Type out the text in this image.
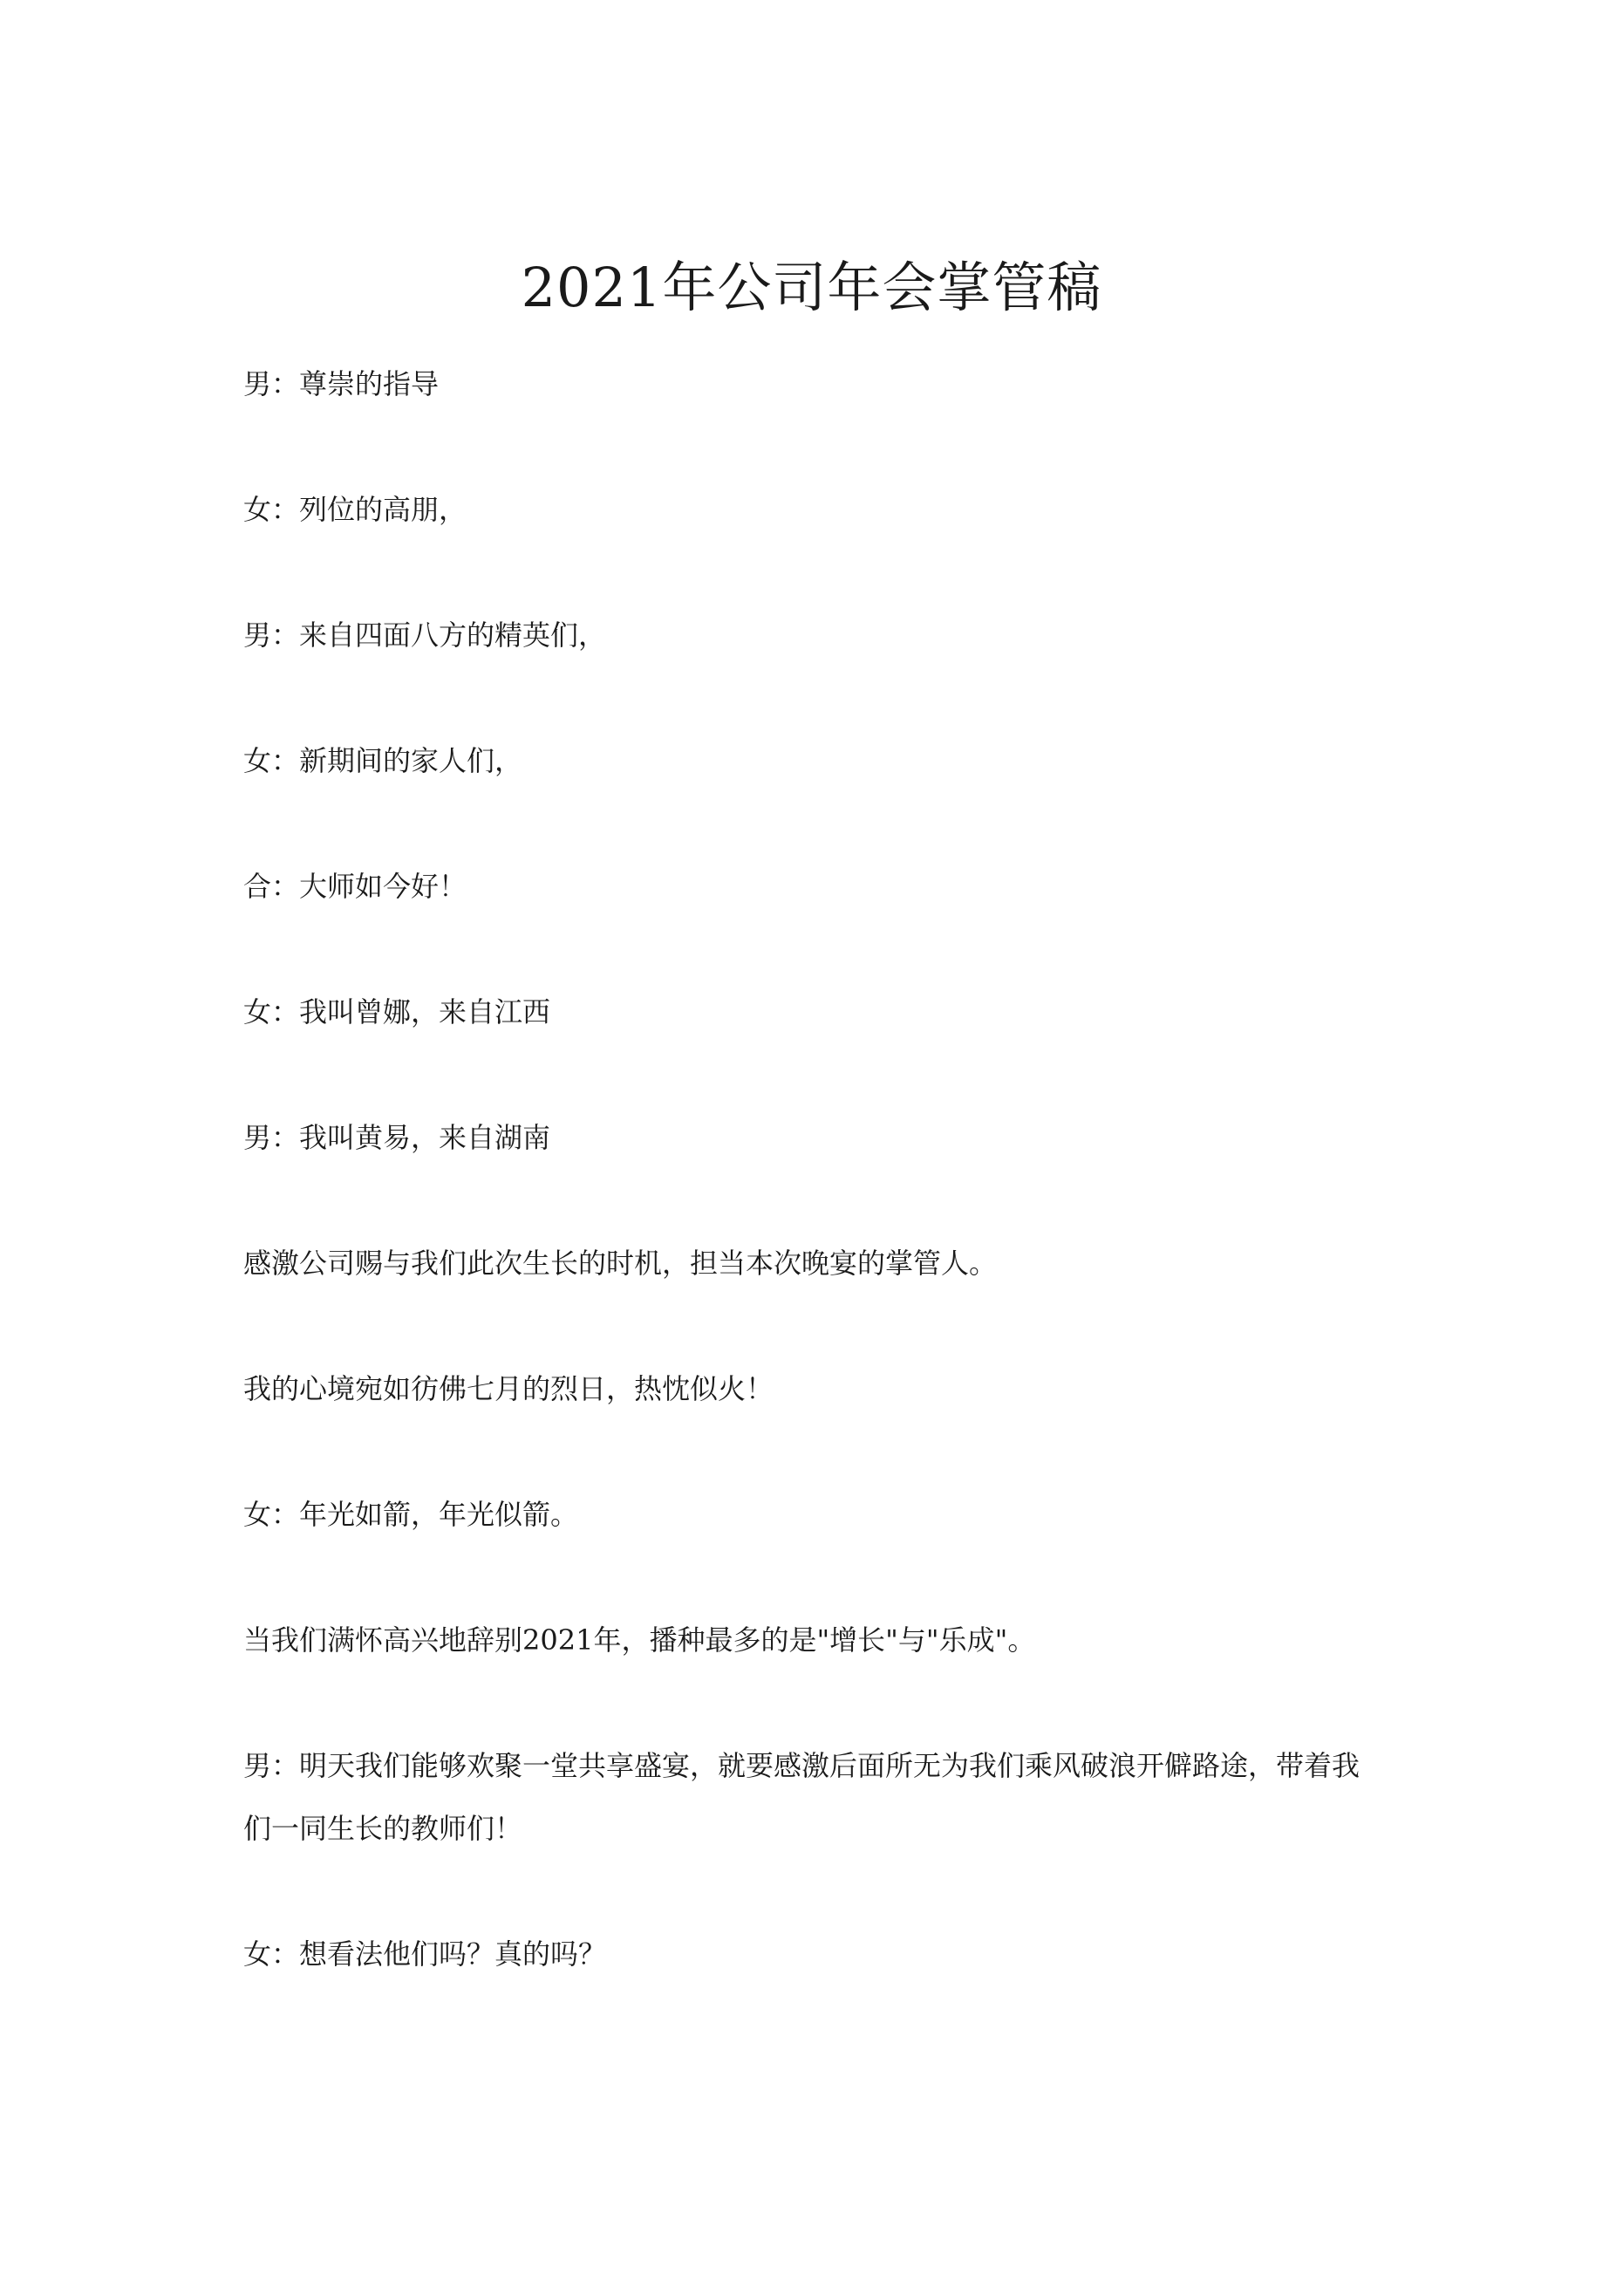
2021年公司年会掌管稿
男：尊崇的指导
女：列位的高朋，
男：来自四面八方的精英们，
女：新期间的家人们，
合：大师如今好！
女：我叫曾娜，来自江西
男：我叫黄易，来自湖南
感激公司赐与我们此次生长的时机，担当本次晚宴的掌管人。
我的心境宛如彷佛七月的烈日，热忱似火！
女：年光如箭，年光似箭。
当我们满怀高兴地辞别2021年，播种最多的是"增长"与"乐成"。
男：明天我们能够欢聚一堂共享盛宴，就要感激后面所无为我们乘风破浪开僻路途，带着我们一同生长的教师们！
女：想看法他们吗？真的吗？
